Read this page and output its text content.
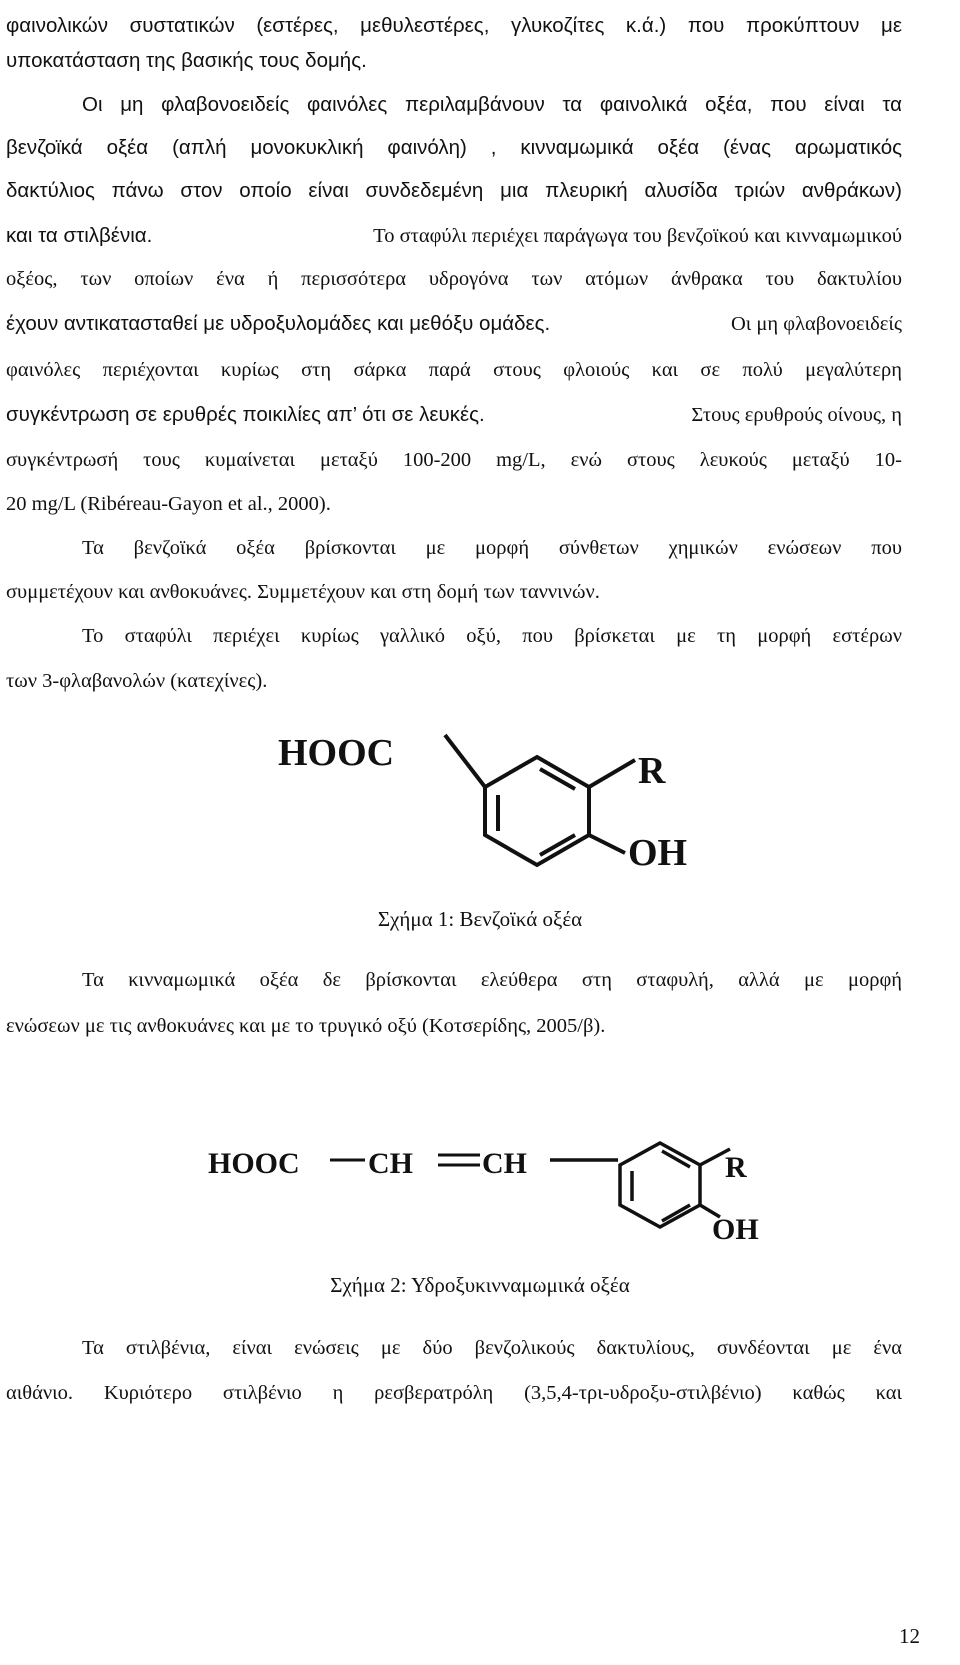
φαινολικών συστατικών (εστέρες, μεθυλεστέρες, γλυκοζίτες κ.ά.) που προκύπτουν με
υποκατάσταση της βασικής τους δομής.
Οι μη φλαβονοειδείς φαινόλες περιλαμβάνουν τα φαινολικά οξέα, που είναι τα
βενζοϊκά οξέα (απλή μονοκυκλική φαινόλη) , κινναμωμικά οξέα (ένας αρωματικός
δακτύλιος πάνω στον οποίο είναι συνδεδεμένη μια πλευρική αλυσίδα τριών ανθράκων)
και τα στιλβένια.	Το σταφύλι περιέχει παράγωγα του βενζοϊκού και κινναμωμικού
οξέος, των οποίων ένα ή περισσότερα υδρογόνα των ατόμων άνθρακα του δακτυλίου
έχουν αντικατασταθεί με υδροξυλομάδες και μεθόξυ ομάδες.	Οι μη φλαβονοειδείς
φαινόλες περιέχονται κυρίως στη σάρκα παρά στους φλοιούς και σε πολύ μεγαλύτερη
συγκέντρωση σε ερυθρές ποικιλίες απ’ ότι σε λευκές.	Στους ερυθρούς οίνους, η
συγκέντρωσή τους κυμαίνεται μεταξύ 100-200 mg/L, ενώ στους λευκούς μεταξύ 10-
20 mg/L (Ribéreau-Gayon et al., 2000).
Τα βενζοϊκά οξέα βρίσκονται με μορφή σύνθετων χημικών ενώσεων που
συμμετέχουν και ανθοκυάνες. Συμμετέχουν και στη δομή των ταννινών.
Το σταφύλι περιέχει κυρίως γαλλικό οξύ, που βρίσκεται με τη μορφή εστέρων
των 3-φλαβανολών (κατεχίνες).
HOOC	R
OH
Σχήμα 1: Βενζοϊκά οξέα
Τα κινναμωμικά οξέα δε βρίσκονται ελεύθερα στη σταφυλή, αλλά με μορφή
ενώσεων με τις ανθοκυάνες και με το τρυγικό οξύ (Κοτσερίδης, 2005/β).
HOOC CH CH	R
OH
Σχήμα 2: Υδροξυκινναμωμικά οξέα
Τα στιλβένια, είναι ενώσεις με δύο βενζολικούς δακτυλίους, συνδέονται με ένα
αιθάνιο. Κυριότερο στιλβένιο η ρεσβερατρόλη (3,5,4-τρι-υδροξυ-στιλβένιο) καθώς και
12
